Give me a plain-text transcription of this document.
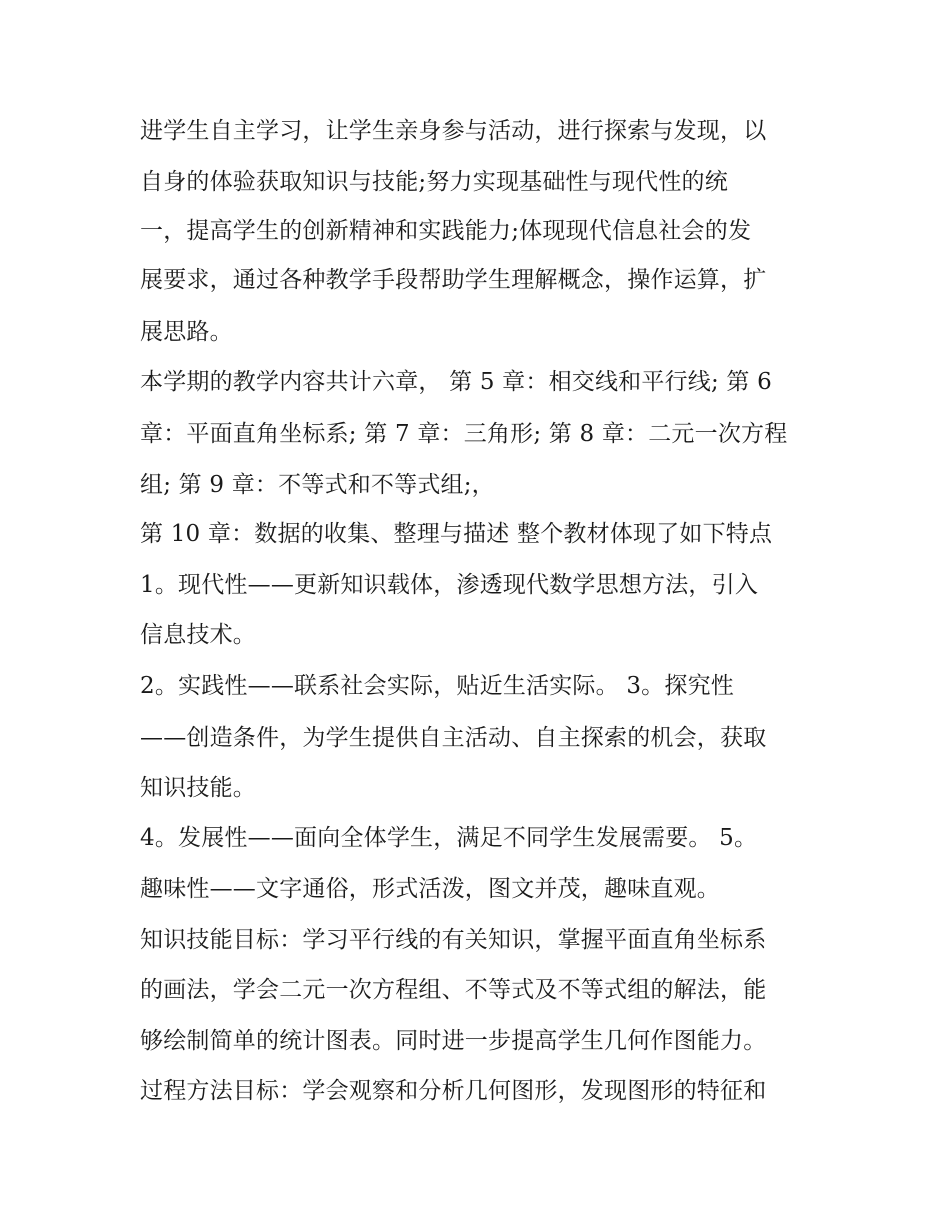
进学生自主学习，让学生亲身参与活动，进行探索与发现，以
自身的体验获取知识与技能;努力实现基础性与现代性的统
一，提高学生的创新精神和实践能力;体现现代信息社会的发
展要求，通过各种教学手段帮助学生理解概念，操作运算，扩
展思路。
本学期的教学内容共计六章， 第 5 章：相交线和平行线; 第 6
章：平面直角坐标系; 第 7 章：三角形; 第 8 章：二元一次方程
组; 第 9 章：不等式和不等式组;，
第 10 章：数据的收集、整理与描述 整个教材体现了如下特点
1。现代性——更新知识载体，渗透现代数学思想方法，引入
信息技术。
2。实践性——联系社会实际，贴近生活实际。 3。探究性
——创造条件，为学生提供自主活动、自主探索的机会，获取
知识技能。
4。发展性——面向全体学生，满足不同学生发展需要。 5。
趣味性——文字通俗，形式活泼，图文并茂，趣味直观。
知识技能目标：学习平行线的有关知识，掌握平面直角坐标系
的画法，学会二元一次方程组、不等式及不等式组的解法，能
够绘制简单的统计图表。同时进一步提高学生几何作图能力。
过程方法目标：学会观察和分析几何图形，发现图形的特征和
